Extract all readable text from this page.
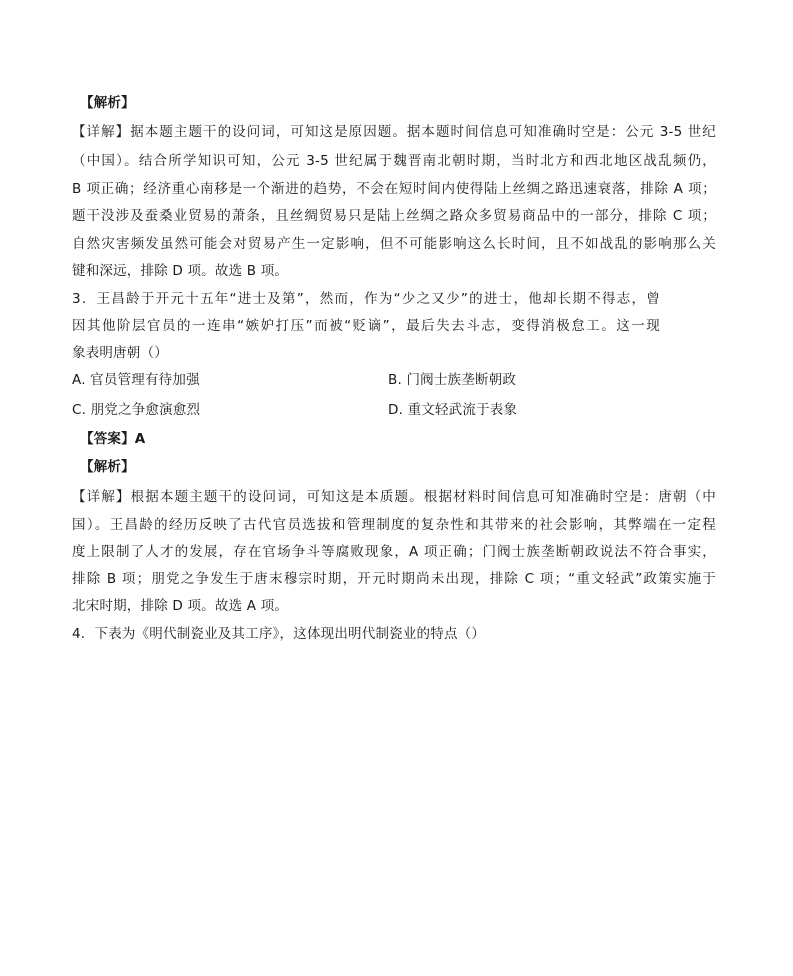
【解析】
【详解】据本题主题干的设问词，可知这是原因题。据本题时间信息可知准确时空是：公元 3-5 世纪
（中国）。结合所学知识可知，公元 3-5 世纪属于魏晋南北朝时期，当时北方和西北地区战乱频仍，
B 项正确；经济重心南移是一个渐进的趋势，不会在短时间内使得陆上丝绸之路迅速衰落，排除 A 项；
题干没涉及蚕桑业贸易的萧条，且丝绸贸易只是陆上丝绸之路众多贸易商品中的一部分，排除 C 项；
自然灾害频发虽然可能会对贸易产生一定影响，但不可能影响这么长时间，且不如战乱的影响那么关
键和深远，排除 D 项。故选 B 项。
3．王昌龄于开元十五年“进士及第”，然而，作为“少之又少”的进士，他却长期不得志，曾
因其他阶层官员的一连串“嫉妒打压”而被“贬谪”，最后失去斗志，变得消极怠工。这一现
象表明唐朝（）
A. 官员管理有待加强	B. 门阀士族垄断朝政
C. 朋党之争愈演愈烈	D. 重文轻武流于表象
【答案】A
【解析】
【详解】根据本题主题干的设问词，可知这是本质题。根据材料时间信息可知准确时空是：唐朝（中
国）。王昌龄的经历反映了古代官员选拔和管理制度的复杂性和其带来的社会影响，其弊端在一定程
度上限制了人才的发展，存在官场争斗等腐败现象，A 项正确；门阀士族垄断朝政说法不符合事实，
排除 B 项；朋党之争发生于唐末穆宗时期，开元时期尚未出现，排除 C 项；“重文轻武”政策实施于
北宋时期，排除 D 项。故选 A 项。
4．下表为《明代制瓷业及其工序》，这体现出明代制瓷业的特点（）
